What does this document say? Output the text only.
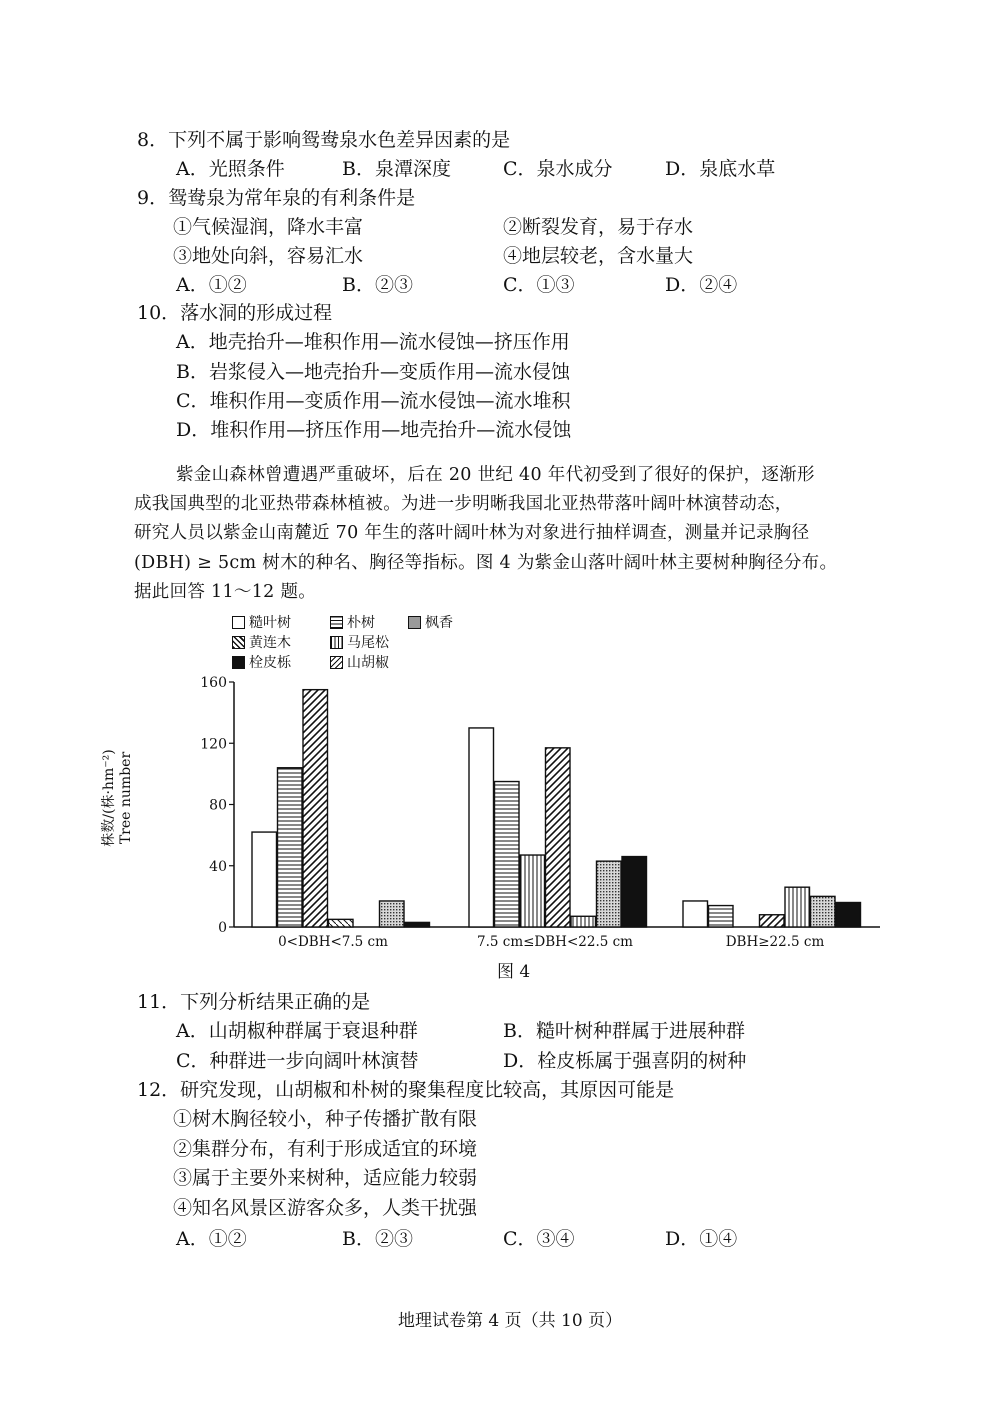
8．下列不属于影响鸳鸯泉水色差异因素的是
A．光照条件	B．泉潭深度	C．泉水成分	D．泉底水草
9．鸳鸯泉为常年泉的有利条件是
①气候湿润，降水丰富	②断裂发育，易于存水
③地处向斜，容易汇水	④地层较老，含水量大
A．①②	B．②③	C．①③	D．②④
10．落水洞的形成过程
A．地壳抬升—堆积作用—流水侵蚀—挤压作用
B．岩浆侵入—地壳抬升—变质作用—流水侵蚀
C．堆积作用—变质作用—流水侵蚀—流水堆积
D．堆积作用—挤压作用—地壳抬升—流水侵蚀
紫金山森林曾遭遇严重破坏，后在 20 世纪 40 年代初受到了很好的保护，逐渐形
成我国典型的北亚热带森林植被。为进一步明晰我国北亚热带落叶阔叶林演替动态，
研究人员以紫金山南麓近 70 年生的落叶阔叶林为对象进行抽样调查，测量并记录胸径
(DBH) ≥ 5cm 树木的种名、胸径等指标。图 4 为紫金山落叶阔叶林主要树种胸径分布。
据此回答 11～12 题。
糙叶树	朴树	枫香
黄连木	马尾松
栓皮栎	山胡椒
0
40
80
120
160
0<DBH<7.5 cm	7.5 cm≤DBH<22.5 cm	DBH≥22.5 cm
株数/(株·hm⁻²) Tree number
图 4
11．下列分析结果正确的是
A．山胡椒种群属于衰退种群	B．糙叶树种群属于进展种群
C．种群进一步向阔叶林演替	D．栓皮栎属于强喜阴的树种
12．研究发现，山胡椒和朴树的聚集程度比较高，其原因可能是
①树木胸径较小，种子传播扩散有限
②集群分布，有利于形成适宜的环境
③属于主要外来树种，适应能力较弱
④知名风景区游客众多，人类干扰强
A．①②	B．②③	C．③④	D．①④
地理试卷第 4 页（共 10 页）
